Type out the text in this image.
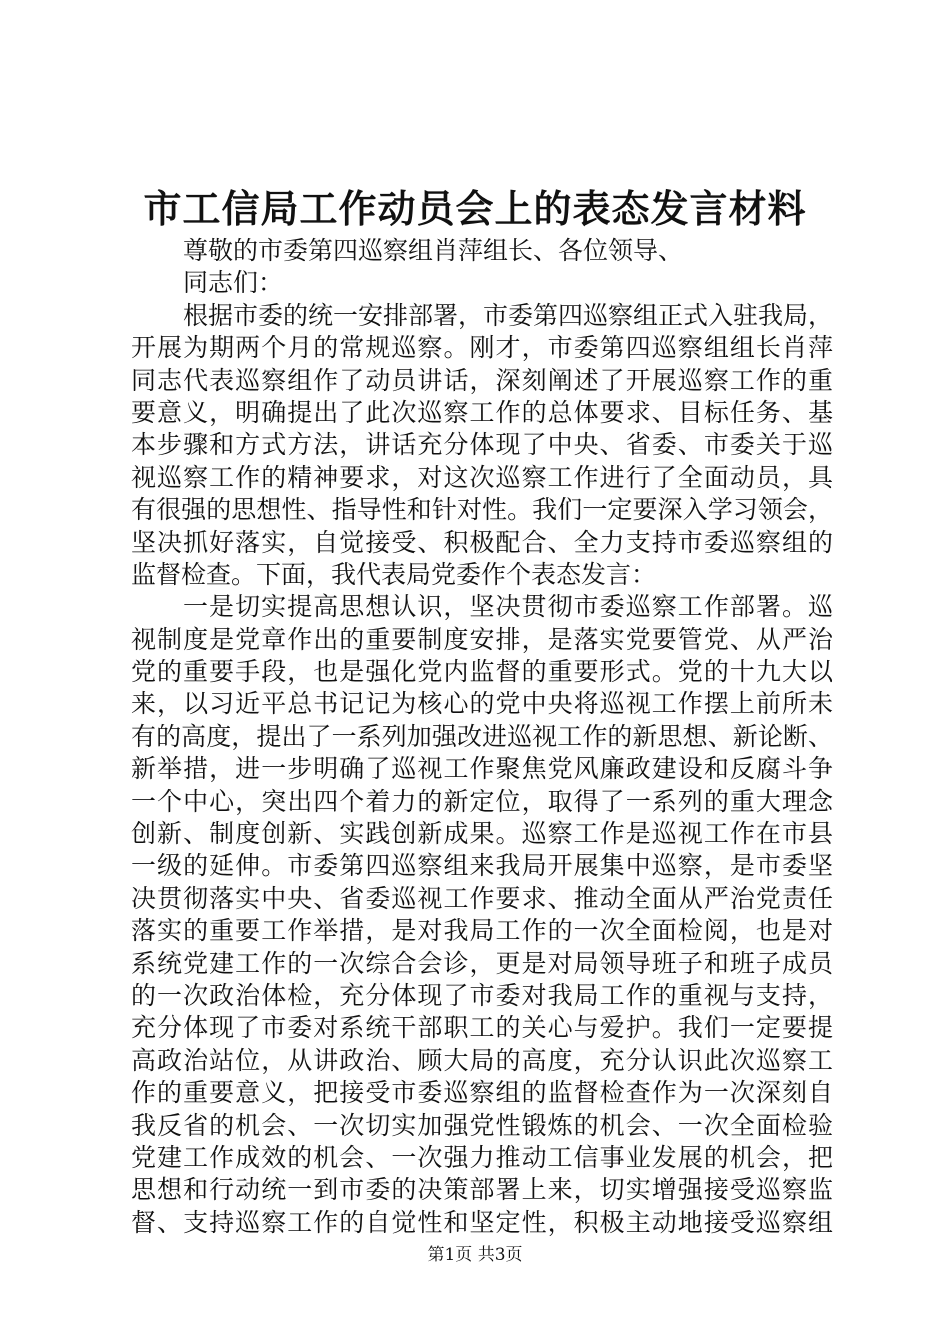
市工信局工作动员会上的表态发言材料
尊敬的市委第四巡察组肖萍组长、各位领导、
同志们：
根据市委的统一安排部署，市委第四巡察组正式入驻我局，
开展为期两个月的常规巡察。刚才，市委第四巡察组组长肖萍
同志代表巡察组作了动员讲话，深刻阐述了开展巡察工作的重
要意义，明确提出了此次巡察工作的总体要求、目标任务、基
本步骤和方式方法，讲话充分体现了中央、省委、市委关于巡
视巡察工作的精神要求，对这次巡察工作进行了全面动员，具
有很强的思想性、指导性和针对性。我们一定要深入学习领会，
坚决抓好落实，自觉接受、积极配合、全力支持市委巡察组的
监督检查。下面，我代表局党委作个表态发言：
一是切实提高思想认识，坚决贯彻市委巡察工作部署。巡
视制度是党章作出的重要制度安排，是落实党要管党、从严治
党的重要手段，也是强化党内监督的重要形式。党的十九大以
来，以习近平总书记记为核心的党中央将巡视工作摆上前所未
有的高度，提出了一系列加强改进巡视工作的新思想、新论断、
新举措，进一步明确了巡视工作聚焦党风廉政建设和反腐斗争
一个中心，突出四个着力的新定位，取得了一系列的重大理念
创新、制度创新、实践创新成果。巡察工作是巡视工作在市县
一级的延伸。市委第四巡察组来我局开展集中巡察，是市委坚
决贯彻落实中央、省委巡视工作要求、推动全面从严治党责任
落实的重要工作举措，是对我局工作的一次全面检阅，也是对
系统党建工作的一次综合会诊，更是对局领导班子和班子成员
的一次政治体检，充分体现了市委对我局工作的重视与支持，
充分体现了市委对系统干部职工的关心与爱护。我们一定要提
高政治站位，从讲政治、顾大局的高度，充分认识此次巡察工
作的重要意义，把接受市委巡察组的监督检查作为一次深刻自
我反省的机会、一次切实加强党性锻炼的机会、一次全面检验
党建工作成效的机会、一次强力推动工信事业发展的机会，把
思想和行动统一到市委的决策部署上来，切实增强接受巡察监
督、支持巡察工作的自觉性和坚定性，积极主动地接受巡察组
第1页 共3页
